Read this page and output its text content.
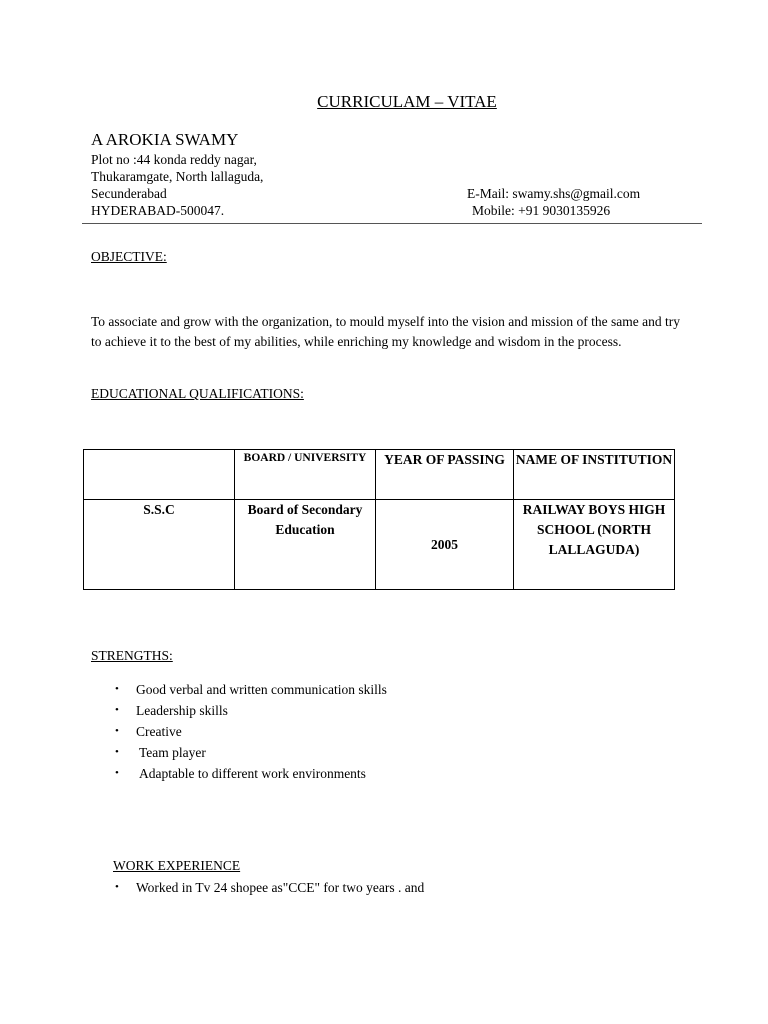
CURRICULAM – VITAE
A AROKIA SWAMY
Plot no :44 konda reddy nagar,
Thukaramgate, North lallaguda,
Secunderabad
HYDERABAD-500047.
E-Mail: swamy.shs@gmail.com
Mobile: +91 9030135926
OBJECTIVE:
To associate and grow with the organization, to mould myself into the vision and mission of the same and try to achieve it to the best of my abilities, while enriching my knowledge and wisdom in the process.
EDUCATIONAL QUALIFICATIONS:
	BOARD / UNIVERSITY	YEAR OF PASSING	NAME OF INSTITUTION
S.S.C	Board of Secondary Education	2005	RAILWAY BOYS HIGH SCHOOL (NORTH LALLAGUDA)
STRENGTHS:
• Good verbal and written communication skills
• Leadership skills
• Creative
• Team player
• Adaptable to different work environments
WORK EXPERIENCE
• Worked in Tv 24 shopee as"CCE" for two years . and
